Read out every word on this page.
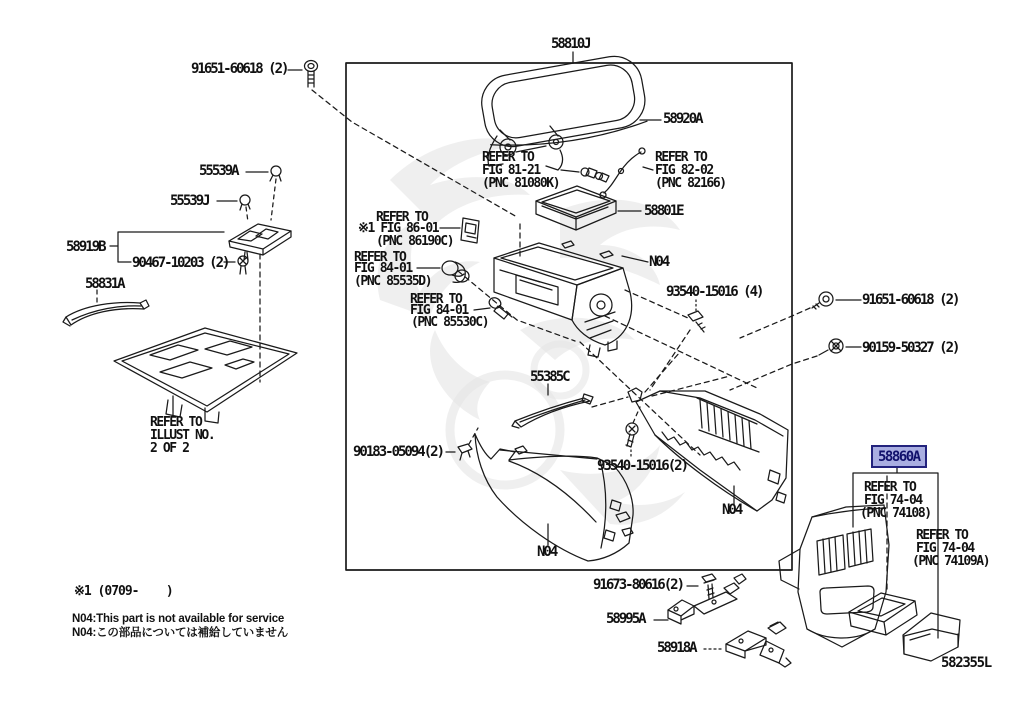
58810J
91651-60618 (2)
55539A
55539J
58919B
90467-10203 (2)
58831A
58920A
58801E
N04
93540-15016 (4)	91651-60618 (2)
90159-50327 (2)
55385C
90183-05094(2)
93540-15016(2)
N04
N04
91673-80616(2)
58995A
58918A
58860A
REFER TO
ILLUST NO.
2 OF 2
REFER TO
FIG 81-21
(PNC 81080K)
REFER TO
FIG 82-02
(PNC 82166)
REFER TO
※1 FIG 86-01
(PNC 86190C)
REFER TO
FIG 84-01
(PNC 85535D)
REFER TO
FIG 84-01
(PNC 85530C)
REFER TO
FIG 74-04
(PNC 74108)
REFER TO
FIG 74-04
(PNC 74109A)
※1 (0709-    )
N04:This part is not available for service
N04:この部品については補給していません
582355L
